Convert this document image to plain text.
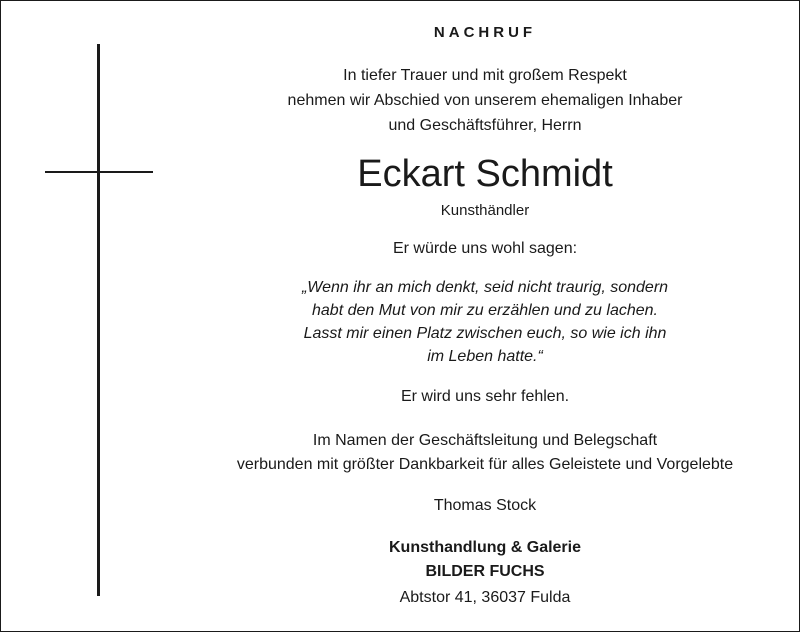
NACHRUF
In tiefer Trauer und mit großem Respekt
nehmen wir Abschied von unserem ehemaligen Inhaber
und Geschäftsführer, Herrn
Eckart Schmidt
Kunsthändler
Er würde uns wohl sagen:
„Wenn ihr an mich denkt, seid nicht traurig, sondern
habt den Mut von mir zu erzählen und zu lachen.
Lasst mir einen Platz zwischen euch, so wie ich ihn
im Leben hatte.“
Er wird uns sehr fehlen.
Im Namen der Geschäftsleitung und Belegschaft
verbunden mit größter Dankbarkeit für alles Geleistete und Vorgelebte
Thomas Stock
Kunsthandlung & Galerie
BILDER FUCHS
Abtstor 41, 36037 Fulda
